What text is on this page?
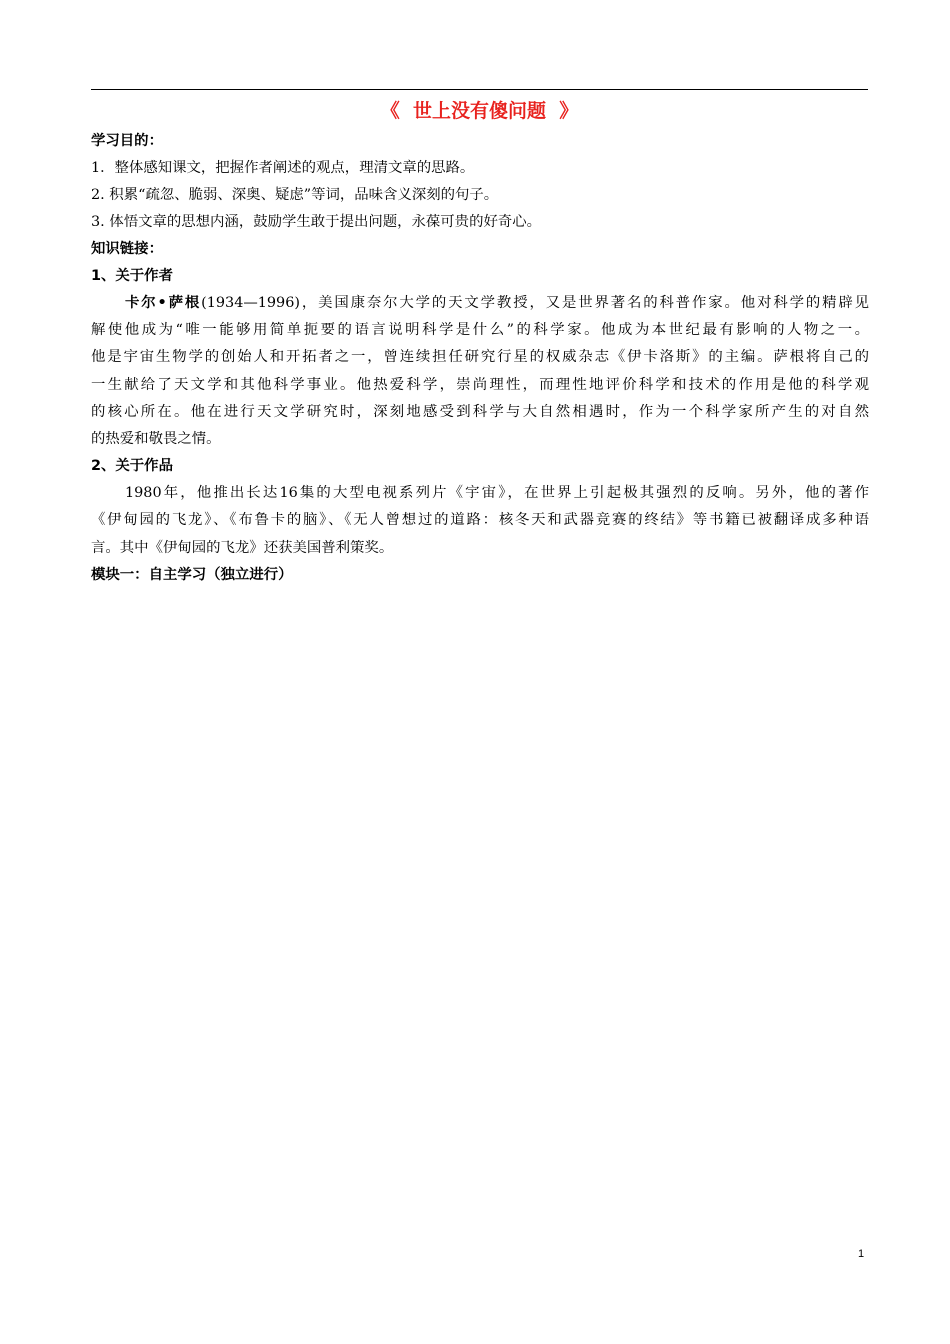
《  世上没有傻问题  》
学习目的：
1．整体感知课文，把握作者阐述的观点，理清文章的思路。
2. 积累“疏忽、脆弱、深奥、疑虑”等词，品味含义深刻的句子。
3. 体悟文章的思想内涵，鼓励学生敢于提出问题，永葆可贵的好奇心。
知识链接：
1、关于作者
卡尔•萨根(1934—1996)，美国康奈尔大学的天文学教授，又是世界著名的科普作家。他对科学的精辟见
解使他成为“唯一能够用简单扼要的语言说明科学是什么”的科学家。他成为本世纪最有影响的人物之一。
他是宇宙生物学的创始人和开拓者之一，曾连续担任研究行星的权威杂志《伊卡洛斯》的主编。萨根将自己的
一生献给了天文学和其他科学事业。他热爱科学，崇尚理性，而理性地评价科学和技术的作用是他的科学观
的核心所在。他在进行天文学研究时，深刻地感受到科学与大自然相遇时，作为一个科学家所产生的对自然
的热爱和敬畏之情。
2、关于作品
1980年，他推出长达16集的大型电视系列片《宇宙》，在世界上引起极其强烈的反响。另外，他的著作
《伊甸园的飞龙》、《布鲁卡的脑》、《无人曾想过的道路：核冬天和武器竞赛的终结》等书籍已被翻译成多种语
言。其中《伊甸园的飞龙》还获美国普利策奖。
模块一：自主学习（独立进行）
1
